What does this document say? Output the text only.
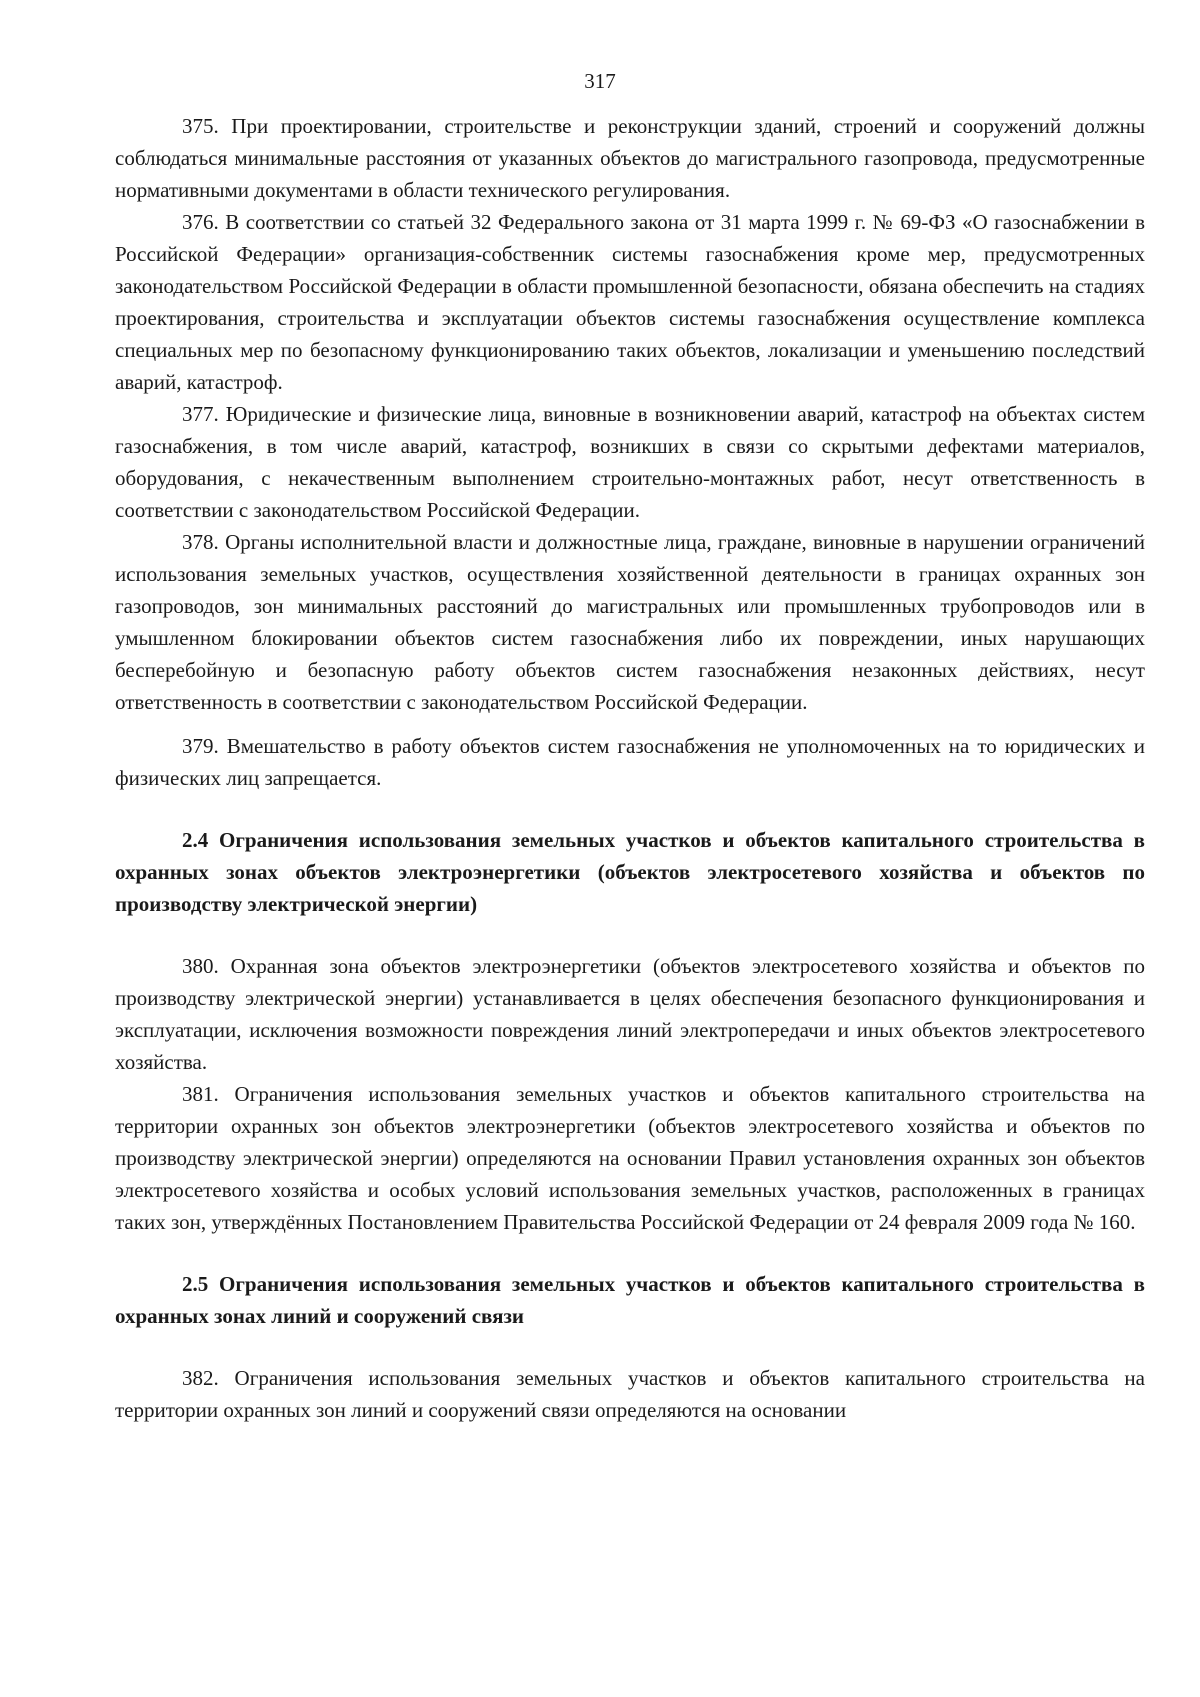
317

375. При проектировании, строительстве и реконструкции зданий, строений и сооружений должны соблюдаться минимальные расстояния от указанных объектов до магистрального газопровода, предусмотренные нормативными документами в области технического регулирования.

376. В соответствии со статьей 32 Федерального закона от 31 марта 1999 г. № 69-ФЗ «О газоснабжении в Российской Федерации» организация-собственник системы газоснабжения кроме мер, предусмотренных законодательством Российской Федерации в области промышленной безопасности, обязана обеспечить на стадиях проектирования, строительства и эксплуатации объектов системы газоснабжения осуществление комплекса специальных мер по безопасному функционированию таких объектов, локализации и уменьшению последствий аварий, катастроф.

377. Юридические и физические лица, виновные в возникновении аварий, катастроф на объектах систем газоснабжения, в том числе аварий, катастроф, возникших в связи со скрытыми дефектами материалов, оборудования, с некачественным выполнением строительно-монтажных работ, несут ответственность в соответствии с законодательством Российской Федерации.

378. Органы исполнительной власти и должностные лица, граждане, виновные в нарушении ограничений использования земельных участков, осуществления хозяйственной деятельности в границах охранных зон газопроводов, зон минимальных расстояний до магистральных или промышленных трубопроводов или в умышленном блокировании объектов систем газоснабжения либо их повреждении, иных нарушающих бесперебойную и безопасную работу объектов систем газоснабжения незаконных действиях, несут ответственность в соответствии с законодательством Российской Федерации.

379. Вмешательство в работу объектов систем газоснабжения не уполномоченных на то юридических и физических лиц запрещается.

2.4 Ограничения использования земельных участков и объектов капитального строительства в охранных зонах объектов электроэнергетики (объектов электросетевого хозяйства и объектов по производству электрической энергии)

380. Охранная зона объектов электроэнергетики (объектов электросетевого хозяйства и объектов по производству электрической энергии) устанавливается в целях обеспечения безопасного функционирования и эксплуатации, исключения возможности повреждения линий электропередачи и иных объектов электросетевого хозяйства.

381. Ограничения использования земельных участков и объектов капитального строительства на территории охранных зон объектов электроэнергетики (объектов электросетевого хозяйства и объектов по производству электрической энергии) определяются на основании Правил установления охранных зон объектов электросетевого хозяйства и особых условий использования земельных участков, расположенных в границах таких зон, утверждённых Постановлением Правительства Российской Федерации от 24 февраля 2009 года № 160.

2.5 Ограничения использования земельных участков и объектов капитального строительства в охранных зонах линий и сооружений связи

382. Ограничения использования земельных участков и объектов капитального строительства на территории охранных зон линий и сооружений связи определяются на основании
